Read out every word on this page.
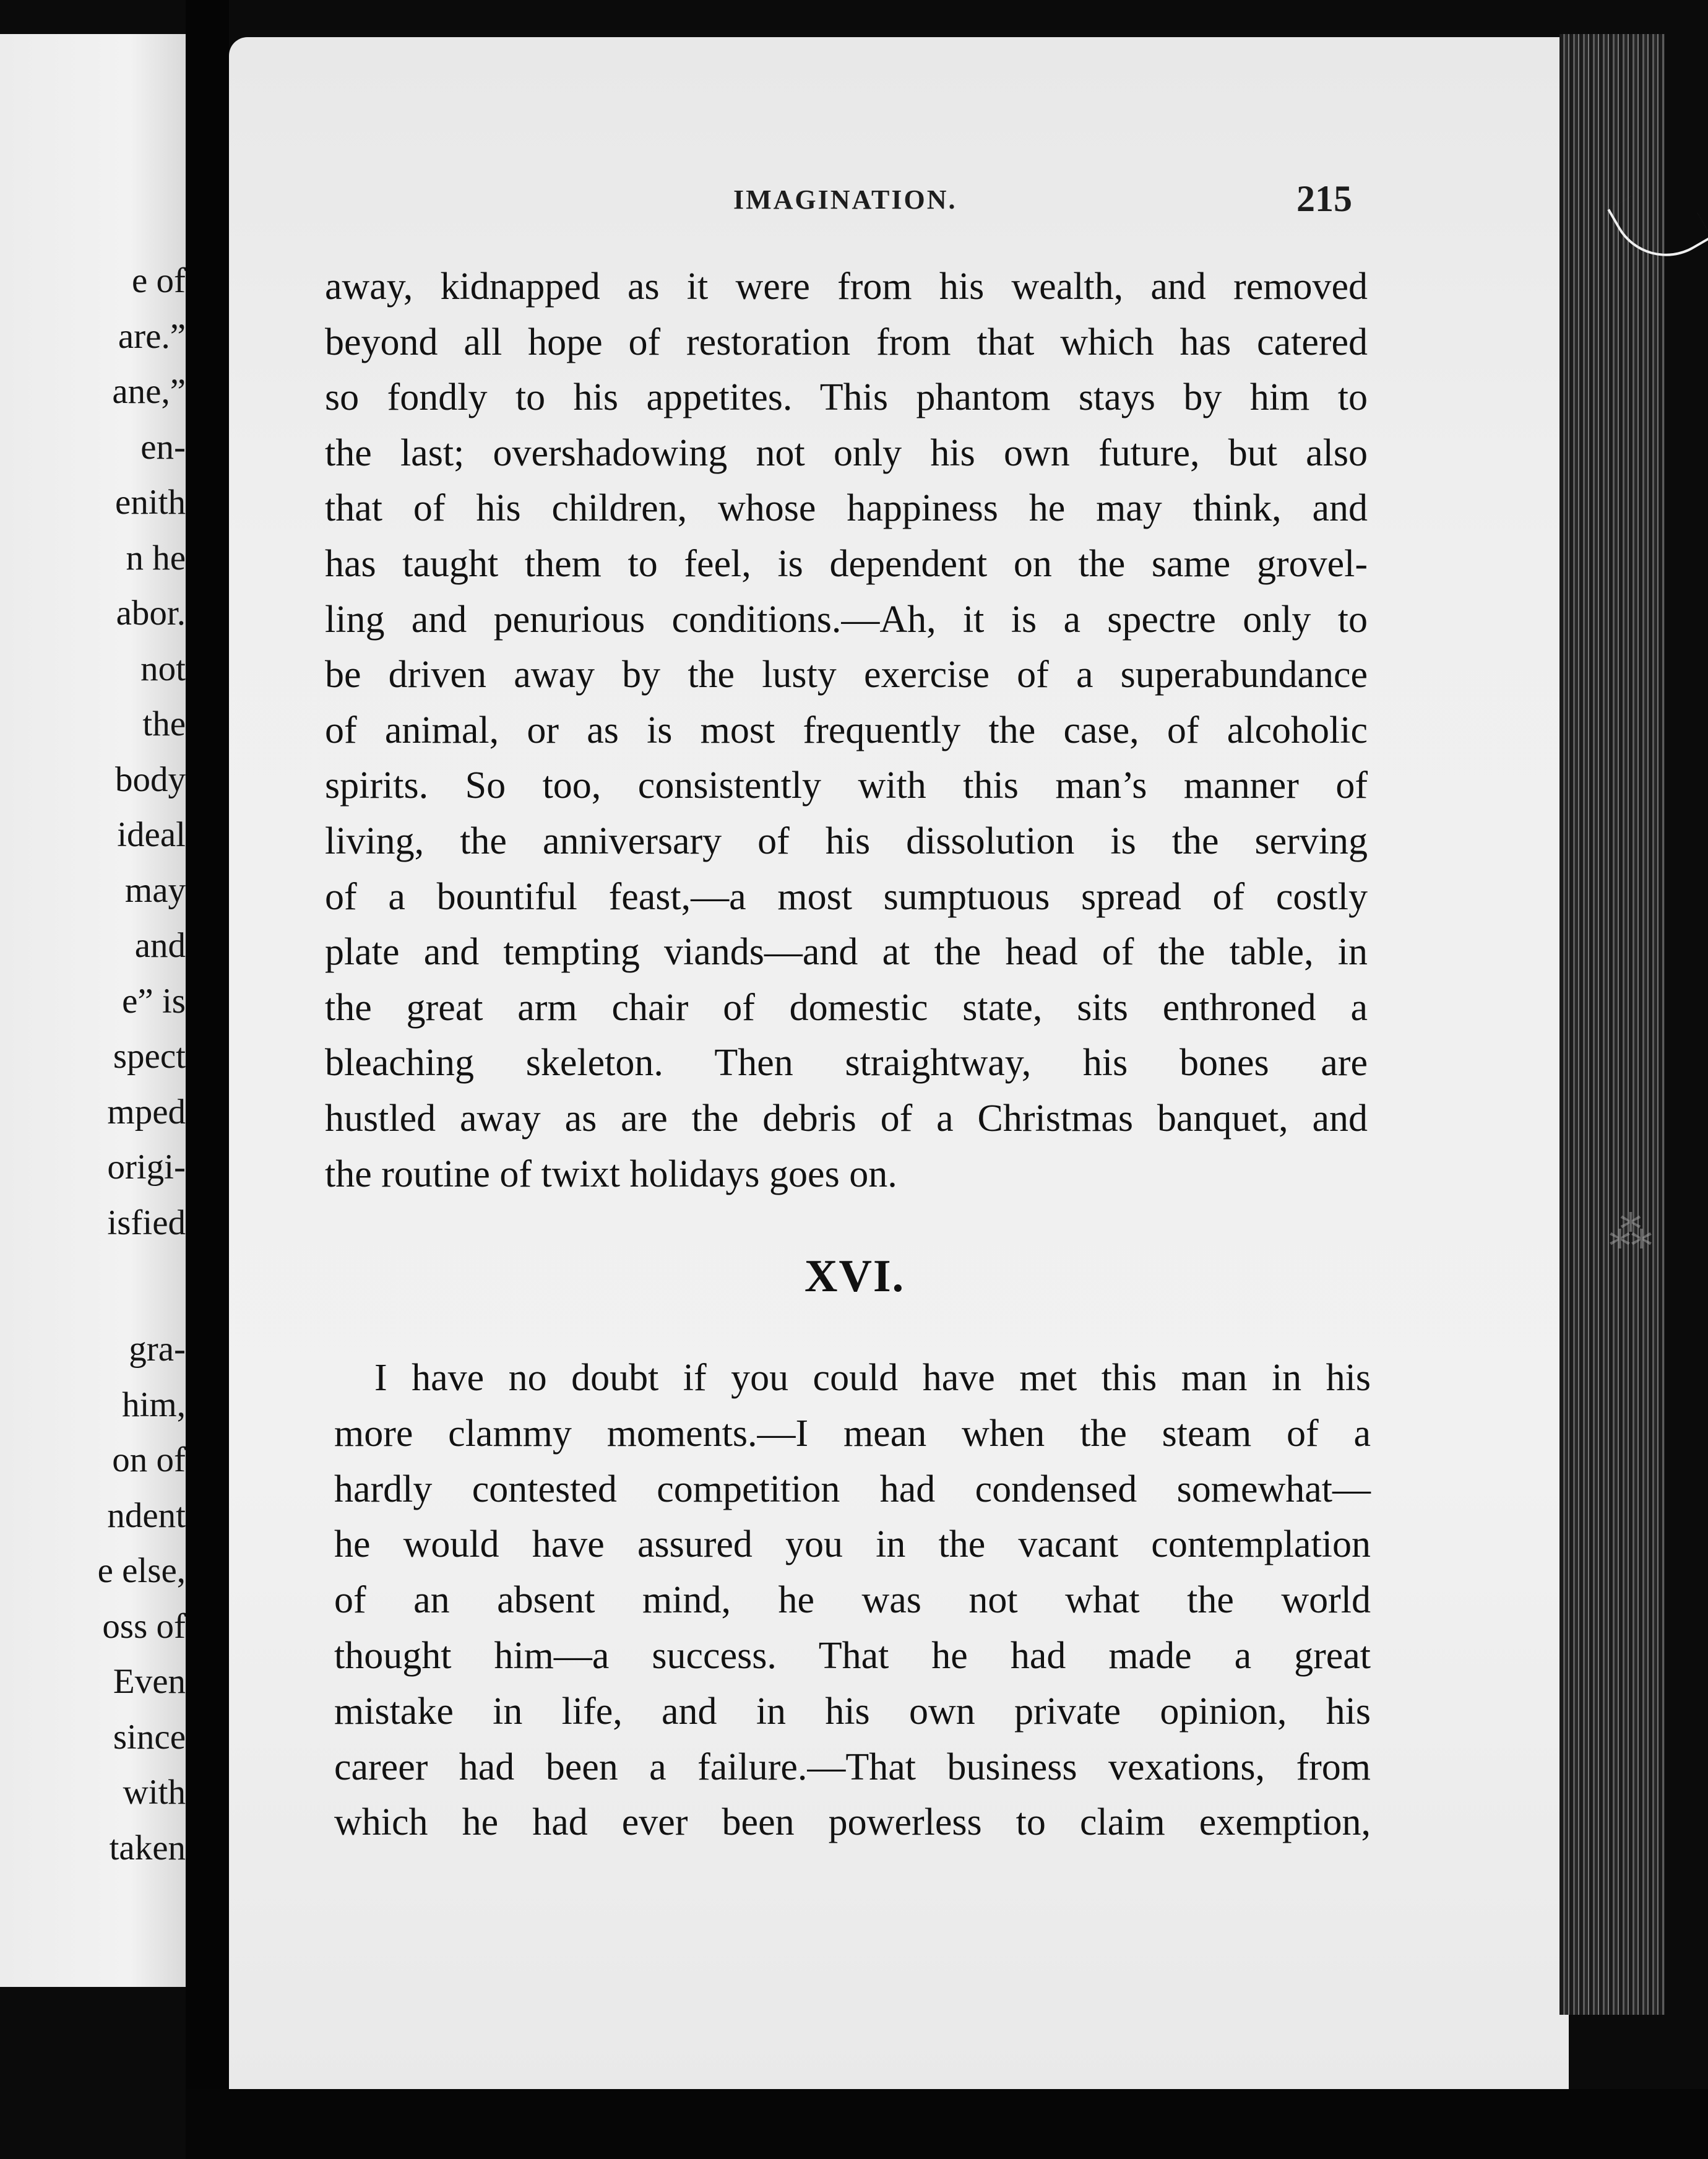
e of
are.”
ane,”
en-
enith
n he
abor.
not
the
body
ideal
may
and
e” is
spect
mped
origi-
isfied
gra-
him,
on of
ndent
e else,
oss of
Even
since
with
taken
⁂
IMAGINATION.	215
away, kidnapped as it were from his wealth, and removed
beyond all hope of restoration from that which has catered
so fondly to his appetites. This phantom stays by him to
the last; overshadowing not only his own future, but also
that of his children, whose happiness he may think, and
has taught them to feel, is dependent on the same grovel-
ling and penurious conditions.—Ah, it is a spectre only to
be driven away by the lusty exercise of a superabundance
of animal, or as is most frequently the case, of alcoholic
spirits. So too, consistently with this man’s manner of
living, the anniversary of his dissolution is the serving
of a bountiful feast,—a most sumptuous spread of costly
plate and tempting viands—and at the head of the table, in
the great arm chair of domestic state, sits enthroned a
bleaching skeleton. Then straightway, his bones are
hustled away as are the debris of a Christmas banquet, and
the routine of twixt holidays goes on.
XVI.
I have no doubt if you could have met this man in his
more clammy moments.—I mean when the steam of a
hardly contested competition had condensed somewhat—
he would have assured you in the vacant contemplation
of an absent mind, he was not what the world
thought him—a success. That he had made a great
mistake in life, and in his own private opinion, his
career had been a failure.—That business vexations, from
which he had ever been powerless to claim exemption,
